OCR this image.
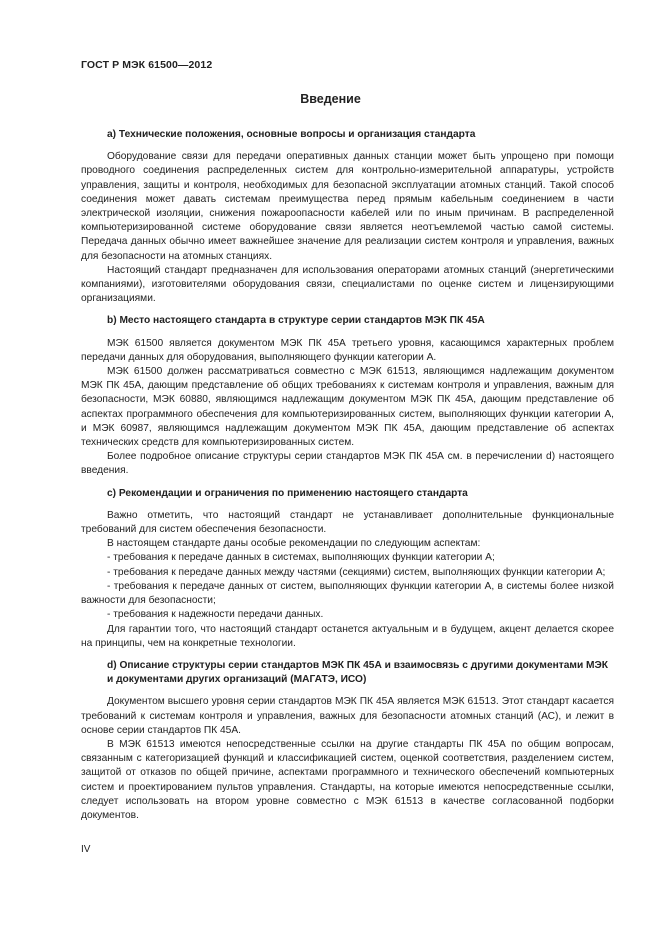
ГОСТ Р МЭК 61500—2012
Введение

a) Технические положения, основные вопросы и организация стандарта

Оборудование связи для передачи оперативных данных станции может быть упрощено при помощи проводного соединения распределенных систем для контрольно-измерительной аппаратуры, устройств управления, защиты и контроля, необходимых для безопасной эксплуатации атомных станций. Такой способ соединения может давать системам преимущества перед прямым кабельным соединением в части электрической изоляции, снижения пожароопасности кабелей или по иным причинам. В распределенной компьютеризированной системе оборудование связи является неотъемлемой частью самой системы. Передача данных обычно имеет важнейшее значение для реализации систем контроля и управления, важных для безопасности на атомных станциях.

Настоящий стандарт предназначен для использования операторами атомных станций (энергетическими компаниями), изготовителями оборудования связи, специалистами по оценке систем и лицензирующими организациями.

b) Место настоящего стандарта в структуре серии стандартов МЭК ПК 45А

МЭК 61500 является документом МЭК ПК 45А третьего уровня, касающимся характерных проблем передачи данных для оборудования, выполняющего функции категории А.

МЭК 61500 должен рассматриваться совместно с МЭК 61513, являющимся надлежащим документом МЭК ПК 45А, дающим представление об общих требованиях к системам контроля и управления, важным для безопасности, МЭК 60880, являющимся надлежащим документом МЭК ПК 45А, дающим представление об аспектах программного обеспечения для компьютеризированных систем, выполняющих функции категории А, и МЭК 60987, являющимся надлежащим документом МЭК ПК 45А, дающим представление об аспектах технических средств для компьютеризированных систем.

Более подробное описание структуры серии стандартов МЭК ПК 45А см. в перечислении d) настоящего введения.

c) Рекомендации и ограничения по применению настоящего стандарта

Важно отметить, что настоящий стандарт не устанавливает дополнительные функциональные требований для систем обеспечения безопасности.

В настоящем стандарте даны особые рекомендации по следующим аспектам:

- требования к передаче данных в системах, выполняющих функции категории А;

- требования к передаче данных между частями (секциями) систем, выполняющих функции категории А;

- требования к передаче данных от систем, выполняющих функции категории А, в системы более низкой важности для безопасности;

- требования к надежности передачи данных.

Для гарантии того, что настоящий стандарт останется актуальным и в будущем, акцент делается скорее на принципы, чем на конкретные технологии.

d) Описание структуры серии стандартов МЭК ПК 45А и взаимосвязь с другими документами МЭК и документами других организаций (МАГАТЭ, ИСО)

Документом высшего уровня серии стандартов МЭК ПК 45А является МЭК 61513. Этот стандарт касается требований к системам контроля и управления, важных для безопасности атомных станций (АС), и лежит в основе серии стандартов ПК 45А.

В МЭК 61513 имеются непосредственные ссылки на другие стандарты ПК 45А по общим вопросам, связанным с категоризацией функций и классификацией систем, оценкой соответствия, разделением систем, защитой от отказов по общей причине, аспектами программного и технического обеспечений компьютерных систем и проектированием пультов управления. Стандарты, на которые имеются непосредственные ссылки, следует использовать на втором уровне совместно с МЭК 61513 в качестве согласованной подборки документов.

IV
